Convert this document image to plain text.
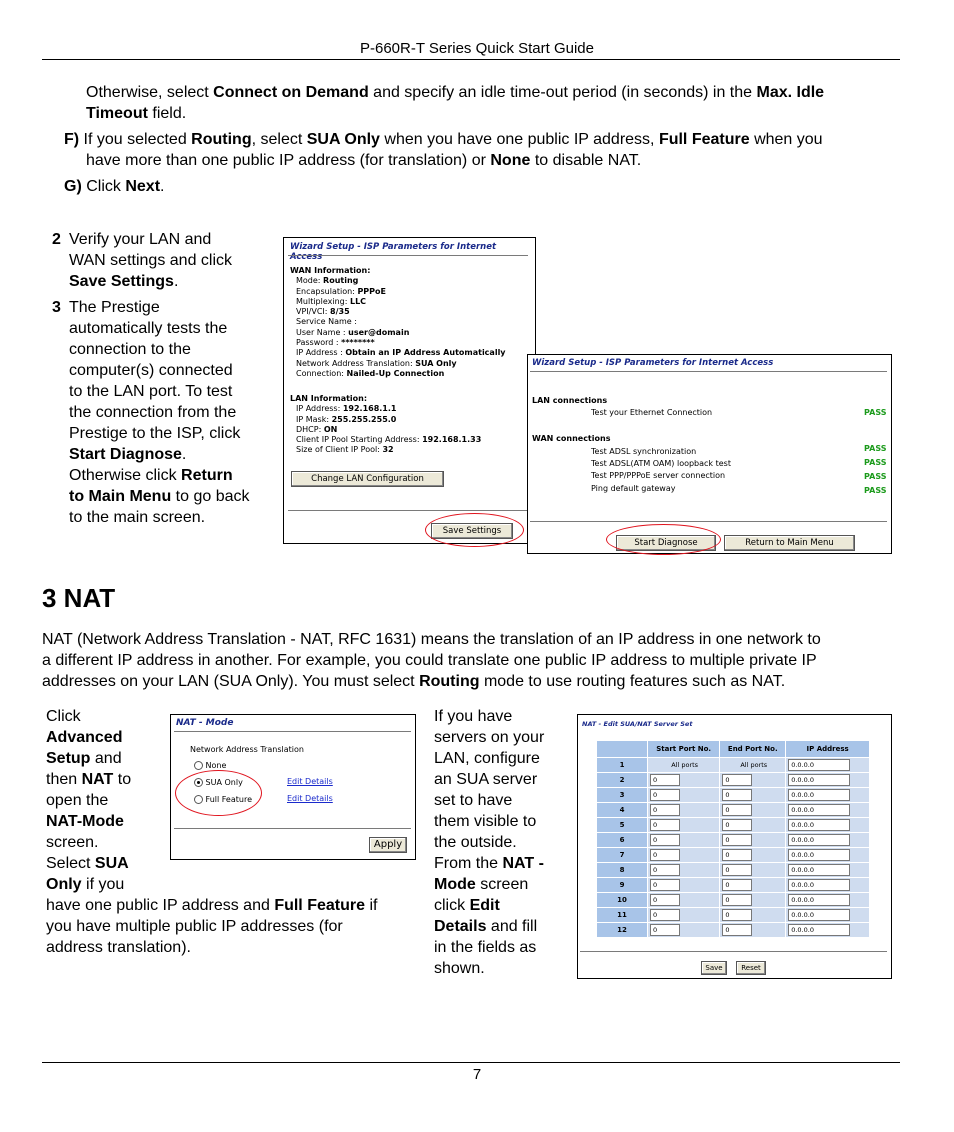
P-660R-T Series Quick Start Guide
Otherwise, select Connect on Demand and specify an idle time-out period (in seconds) in the Max. Idle
Timeout field.
F) If you selected Routing, select SUA Only when you have one public IP address, Full Feature when you
have more than one public IP address (for translation) or None to disable NAT.
G) Click Next.
2 Verify your LAN and
WAN settings and click
Save Settings.
3 The Prestige
automatically tests the
connection to the
computer(s) connected
to the LAN port. To test
the connection from the
Prestige to the ISP, click
Start Diagnose.
Otherwise click Return
to Main Menu to go back
to the main screen.
Wizard Setup - ISP Parameters for Internet Access
WAN Information:
Mode: Routing
Encapsulation: PPPoE
Multiplexing: LLC
VPI/VCI: 8/35
Service Name :
User Name : user@domain
Password : ********
IP Address : Obtain an IP Address Automatically
Network Address Translation: SUA Only
Connection: Nailed-Up Connection
LAN Information:
IP Address: 192.168.1.1
IP Mask: 255.255.255.0
DHCP: ON
Client IP Pool Starting Address: 192.168.1.33
Size of Client IP Pool: 32
Change LAN Configuration
Save Settings
Wizard Setup - ISP Parameters for Internet Access
LAN connections
Test your Ethernet Connection	PASS
WAN connections
Test ADSL synchronization	PASS
Test ADSL(ATM OAM) loopback test	PASS
Test PPP/PPPoE server connection	PASS
Ping default gateway	PASS
Start Diagnose	Return to Main Menu
3 NAT
NAT (Network Address Translation - NAT, RFC 1631) means the translation of an IP address in one network to
a different IP address in another. For example, you could translate one public IP address to multiple private IP
addresses on your LAN (SUA Only). You must select Routing mode to use routing features such as NAT.
Click
Advanced
Setup and
then NAT to
open the
NAT-Mode
screen.
Select SUA
Only if you
have one public IP address and Full Feature if
you have multiple public IP addresses (for
address translation).
NAT - Mode
Network Address Translation
None
SUA Only	Edit Details
Full Feature	Edit Details
Apply
If you have
servers on your
LAN, configure
an SUA server
set to have
them visible to
the outside.
From the NAT -
Mode screen
click Edit
Details and fill
in the fields as
shown.
NAT - Edit SUA/NAT Server Set
	Start Port No.	End Port No.	IP Address
1	All ports	All ports	0.0.0.0

2	0	0	0.0.0.0

3	0	0	0.0.0.0

4	0	0	0.0.0.0

5	0	0	0.0.0.0

6	0	0	0.0.0.0

7	0	0	0.0.0.0

8	0	0	0.0.0.0

9	0	0	0.0.0.0

10	0	0	0.0.0.0

11	0	0	0.0.0.0

12	0	0	0.0.0.0
Save	Reset
7
